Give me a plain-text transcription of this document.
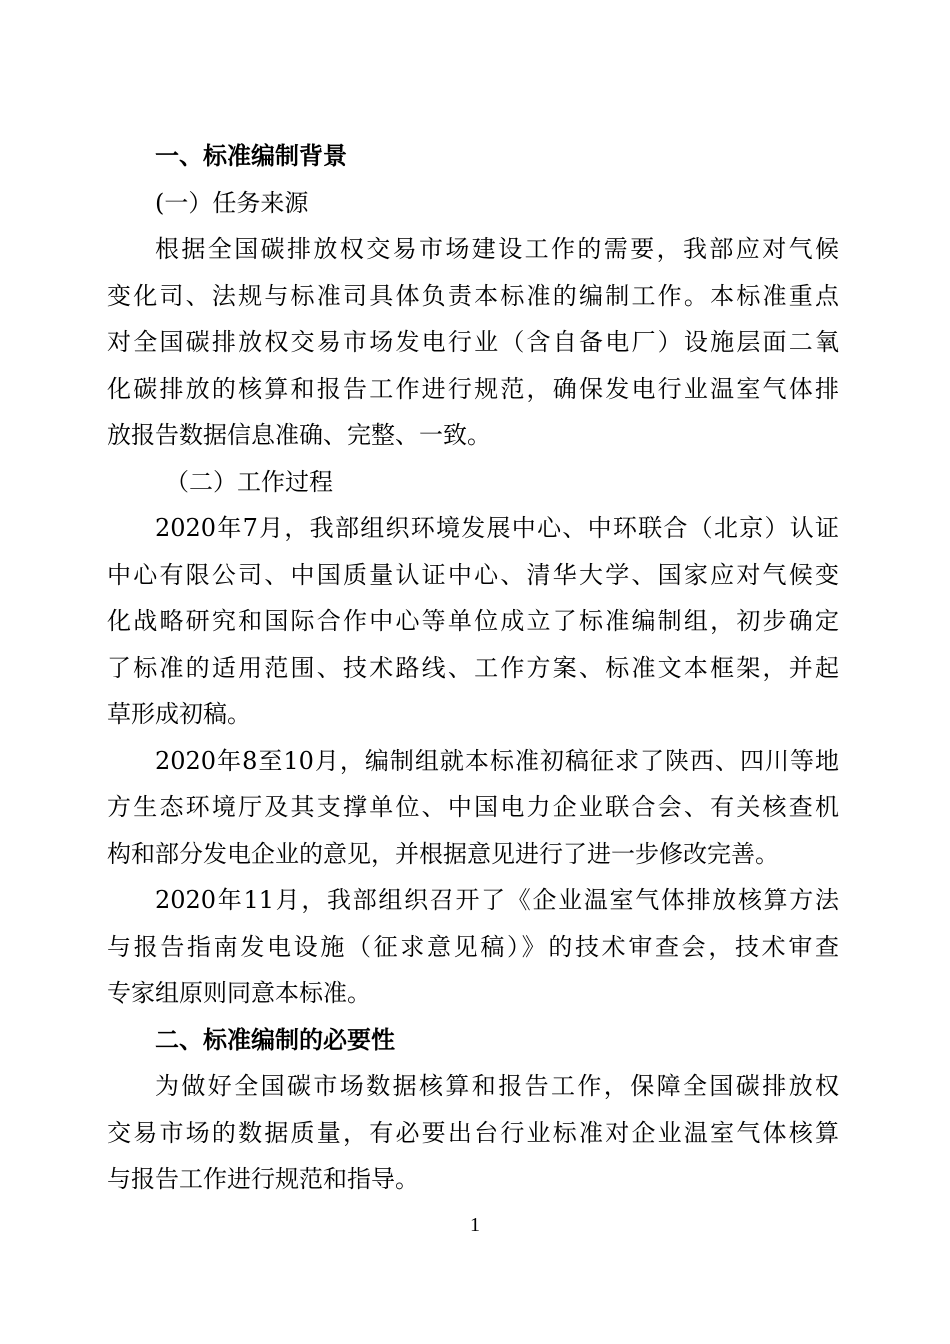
一、标准编制背景
(一）任务来源
根据全国碳排放权交易市场建设工作的需要，我部应对气候
变化司、法规与标准司具体负责本标准的编制工作。本标准重点
对全国碳排放权交易市场发电行业（含自备电厂）设施层面二氧
化碳排放的核算和报告工作进行规范，确保发电行业温室气体排
放报告数据信息准确、完整、一致。
（二）工作过程
2020年7月，我部组织环境发展中心、中环联合（北京）认证
中心有限公司、中国质量认证中心、清华大学、国家应对气候变
化战略研究和国际合作中心等单位成立了标准编制组，初步确定
了标准的适用范围、技术路线、工作方案、标准文本框架，并起
草形成初稿。
2020年8至10月，编制组就本标准初稿征求了陕西、四川等地
方生态环境厅及其支撑单位、中国电力企业联合会、有关核查机
构和部分发电企业的意见，并根据意见进行了进一步修改完善。
2020年11月，我部组织召开了《企业温室气体排放核算方法
与报告指南发电设施（征求意见稿）》的技术审查会，技术审查
专家组原则同意本标准。
二、标准编制的必要性
为做好全国碳市场数据核算和报告工作，保障全国碳排放权
交易市场的数据质量，有必要出台行业标准对企业温室气体核算
与报告工作进行规范和指导。
1
